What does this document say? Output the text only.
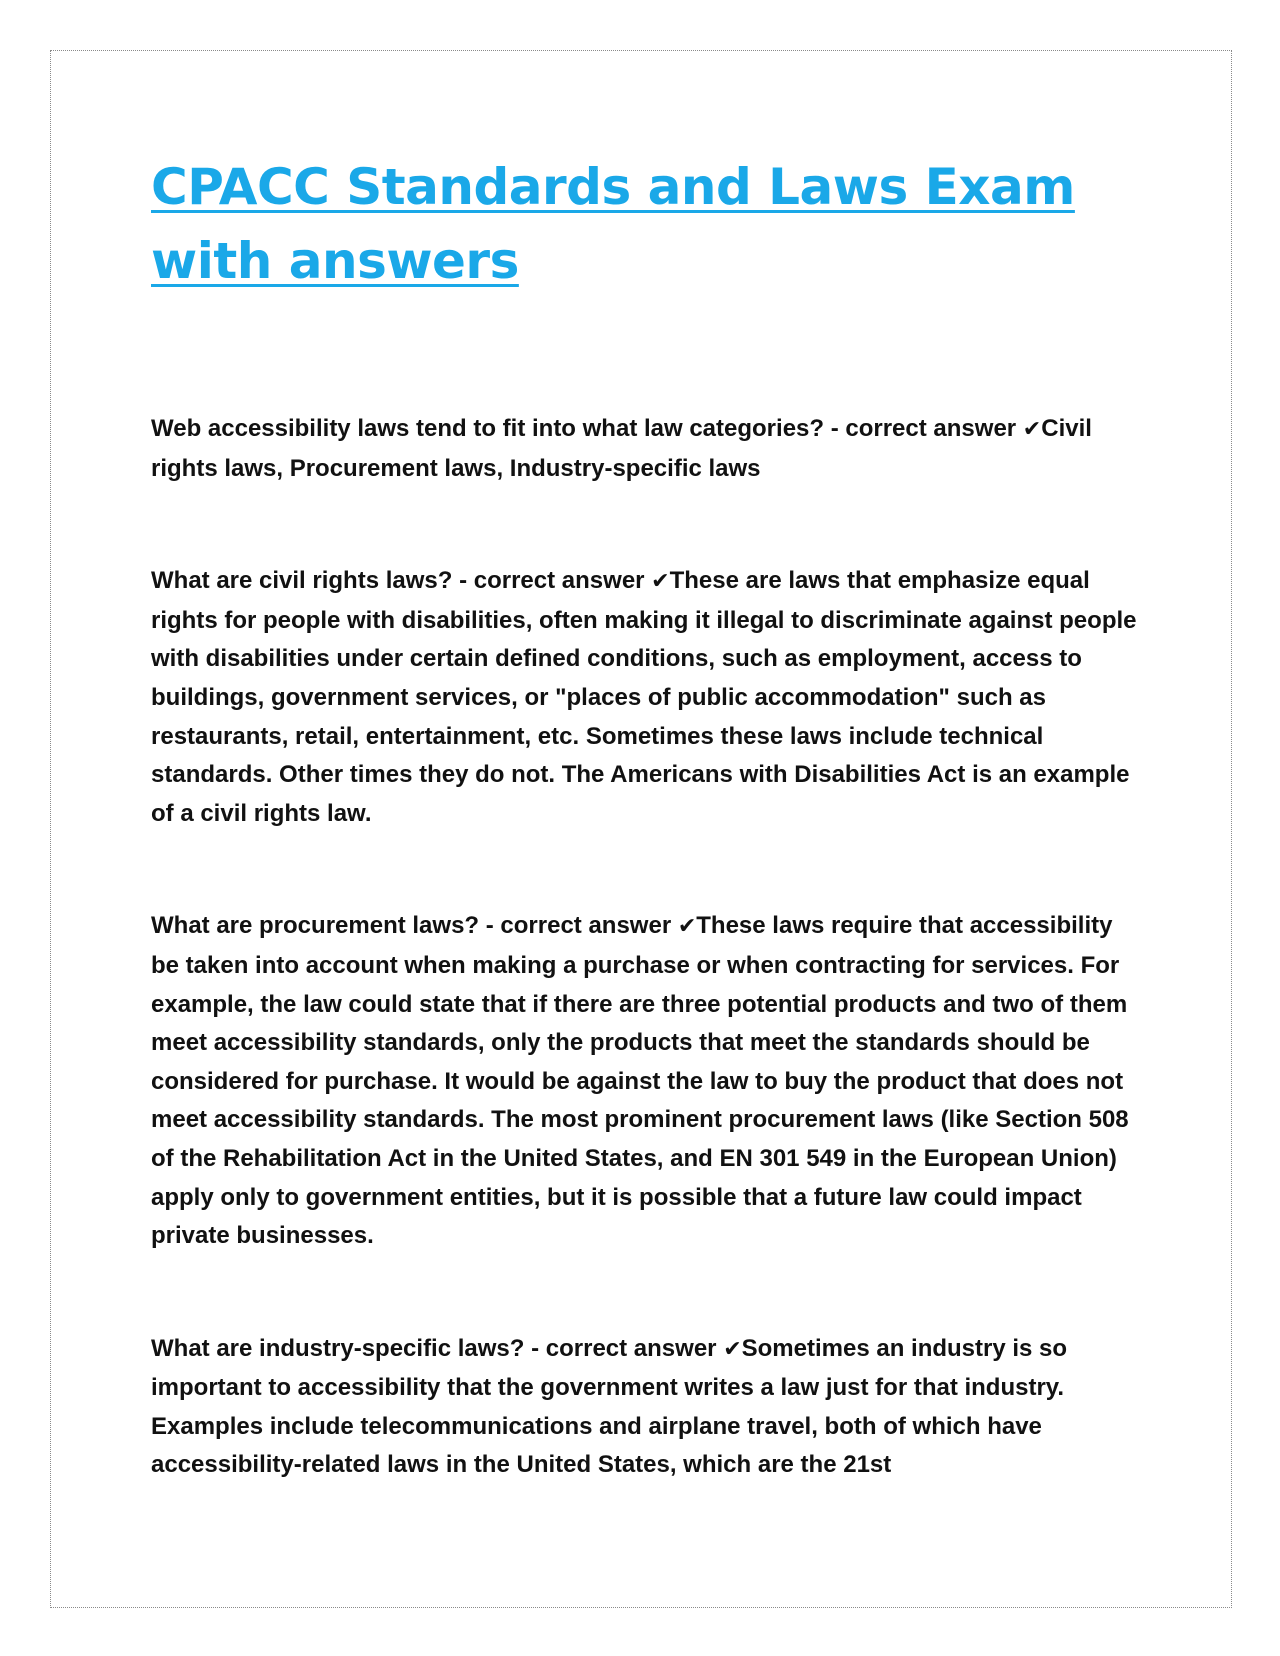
CPACC Standards and Laws Exam with answers

Web accessibility laws tend to fit into what law categories? - correct answer ✔Civil rights laws, Procurement laws, Industry-specific laws

What are civil rights laws? - correct answer ✔These are laws that emphasize equal rights for people with disabilities, often making it illegal to discriminate against people with disabilities under certain defined conditions, such as employment, access to buildings, government services, or "places of public accommodation" such as restaurants, retail, entertainment, etc. Sometimes these laws include technical standards. Other times they do not. The Americans with Disabilities Act is an example of a civil rights law.

What are procurement laws? - correct answer ✔These laws require that accessibility be taken into account when making a purchase or when contracting for services. For example, the law could state that if there are three potential products and two of them meet accessibility standards, only the products that meet the standards should be considered for purchase. It would be against the law to buy the product that does not meet accessibility standards. The most prominent procurement laws (like Section 508 of the Rehabilitation Act in the United States, and EN 301 549 in the European Union) apply only to government entities, but it is possible that a future law could impact private businesses.

What are industry-specific laws? - correct answer ✔Sometimes an industry is so important to accessibility that the government writes a law just for that industry. Examples include telecommunications and airplane travel, both of which have accessibility-related laws in the United States, which are the 21st
